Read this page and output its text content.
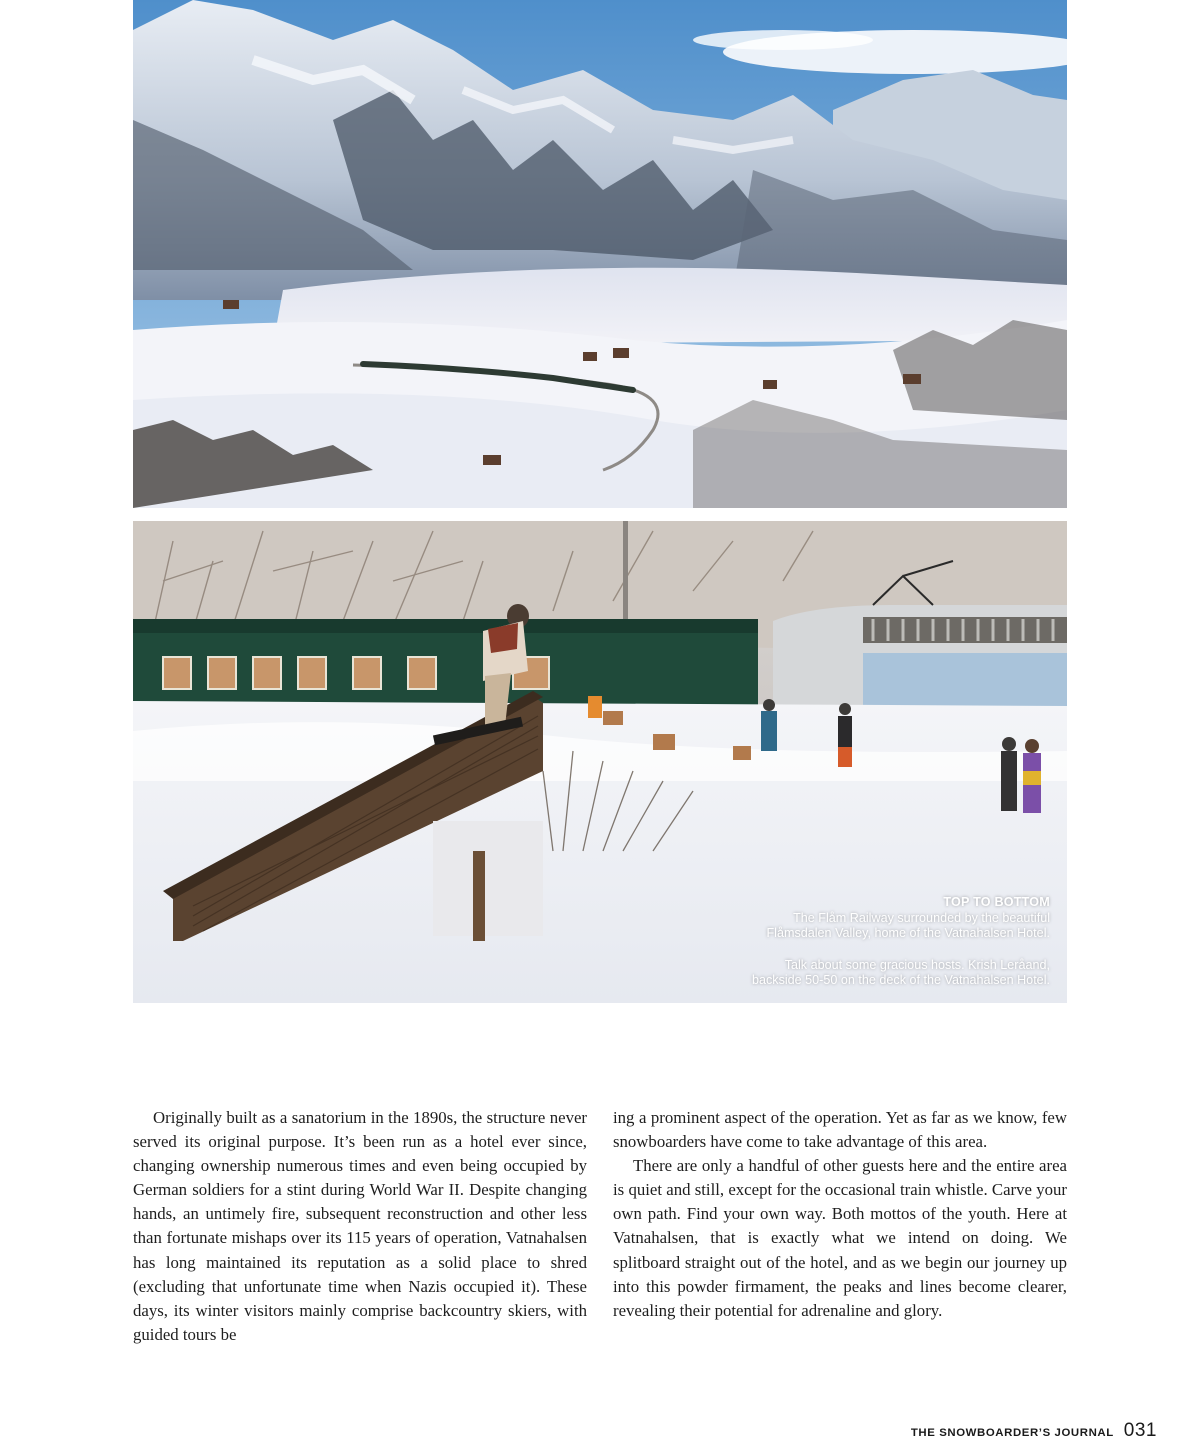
TOP TO BOTTOM
The Flåm Railway surrounded by the beautiful Flåmsdalen Valley, home of the Vatnahalsen Hotel.
Talk about some gracious hosts. Krish Leråand, backside 50-50 on the deck of the Vatnahalsen Hotel.

Originally built as a sanatorium in the 1890s, the structure never served its original purpose. It’s been run as a hotel ever since, changing ownership numerous times and even being occupied by German soldiers for a stint during World War II. Despite changing hands, an untimely fire, subsequent reconstruction and other less than fortunate mishaps over its 115 years of operation, Vatnahalsen has long maintained its reputation as a solid place to shred (excluding that unfortunate time when Nazis occupied it). These days, its winter visitors mainly comprise backcountry skiers, with guided tours be

ing a prominent aspect of the operation. Yet as far as we know, few snowboarders have come to take advantage of this area.

There are only a handful of other guests here and the entire area is quiet and still, except for the occasional train whistle. Carve your own path. Find your own way. Both mottos of the youth. Here at Vatnahalsen, that is exactly what we intend on doing. We splitboard straight out of the hotel, and as we begin our journey up into this powder firmament, the peaks and lines become clearer, revealing their potential for adrenaline and glory.

THE SNOWBOARDER’S JOURNAL 031
